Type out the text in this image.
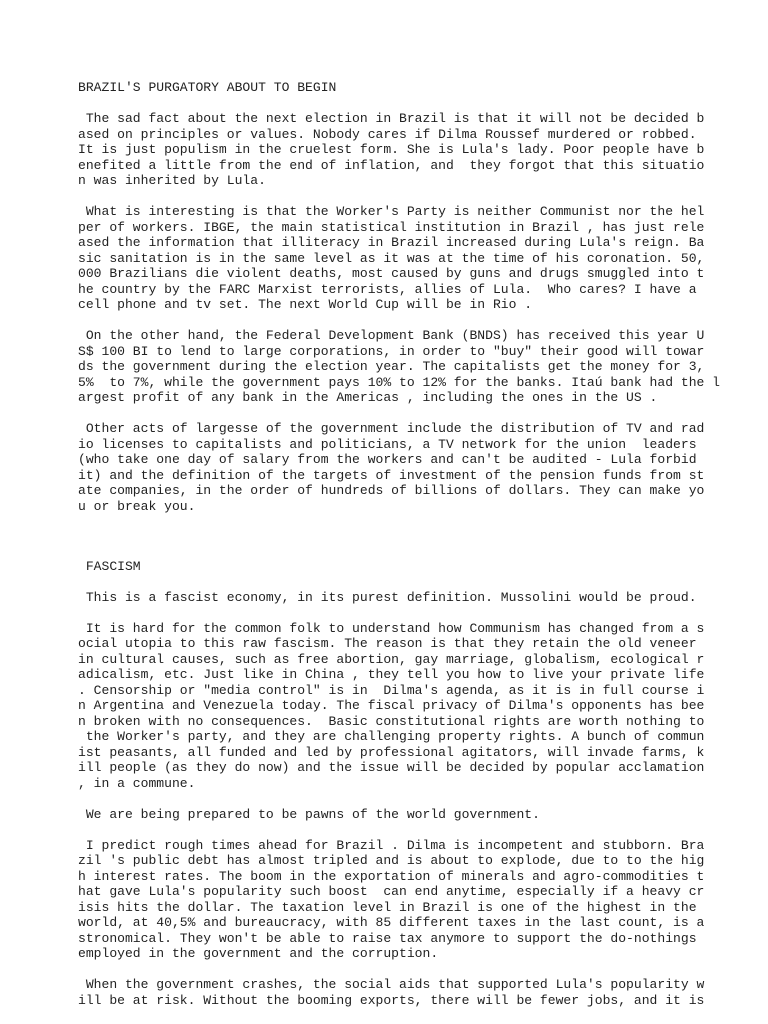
BRAZIL'S PURGATORY ABOUT TO BEGIN
The sad fact about the next election in Brazil is that it will not be decided b
ased on principles or values. Nobody cares if Dilma Roussef murdered or robbed.
It is just populism in the cruelest form. She is Lula's lady. Poor people have b
enefited a little from the end of inflation, and  they forgot that this situatio
n was inherited by Lula.
What is interesting is that the Worker's Party is neither Communist nor the hel
per of workers. IBGE, the main statistical institution in Brazil , has just rele
ased the information that illiteracy in Brazil increased during Lula's reign. Ba
sic sanitation is in the same level as it was at the time of his coronation. 50,
000 Brazilians die violent deaths, most caused by guns and drugs smuggled into t
he country by the FARC Marxist terrorists, allies of Lula.  Who cares? I have a
cell phone and tv set. The next World Cup will be in Rio .
On the other hand, the Federal Development Bank (BNDS) has received this year U
S$ 100 BI to lend to large corporations, in order to "buy" their good will towar
ds the government during the election year. The capitalists get the money for 3,
5%  to 7%, while the government pays 10% to 12% for the banks. Itaú bank had the l
argest profit of any bank in the Americas , including the ones in the US .
Other acts of largesse of the government include the distribution of TV and rad
io licenses to capitalists and politicians, a TV network for the union  leaders
(who take one day of salary from the workers and can't be audited - Lula forbid
it) and the definition of the targets of investment of the pension funds from st
ate companies, in the order of hundreds of billions of dollars. They can make yo
u or break you.
FASCISM
This is a fascist economy, in its purest definition. Mussolini would be proud.
It is hard for the common folk to understand how Communism has changed from a s
ocial utopia to this raw fascism. The reason is that they retain the old veneer
in cultural causes, such as free abortion, gay marriage, globalism, ecological r
adicalism, etc. Just like in China , they tell you how to live your private life
. Censorship or "media control" is in  Dilma's agenda, as it is in full course i
n Argentina and Venezuela today. The fiscal privacy of Dilma's opponents has bee
n broken with no consequences.  Basic constitutional rights are worth nothing to
the Worker's party, and they are challenging property rights. A bunch of commun
ist peasants, all funded and led by professional agitators, will invade farms, k
ill people (as they do now) and the issue will be decided by popular acclamation
, in a commune.
We are being prepared to be pawns of the world government.
I predict rough times ahead for Brazil . Dilma is incompetent and stubborn. Bra
zil 's public debt has almost tripled and is about to explode, due to to the hig
h interest rates. The boom in the exportation of minerals and agro-commodities t
hat gave Lula's popularity such boost  can end anytime, especially if a heavy cr
isis hits the dollar. The taxation level in Brazil is one of the highest in the
world, at 40,5% and bureaucracy, with 85 different taxes in the last count, is a
stronomical. They won't be able to raise tax anymore to support the do-nothings
employed in the government and the corruption.
When the government crashes, the social aids that supported Lula's popularity w
ill be at risk. Without the booming exports, there will be fewer jobs, and it is
